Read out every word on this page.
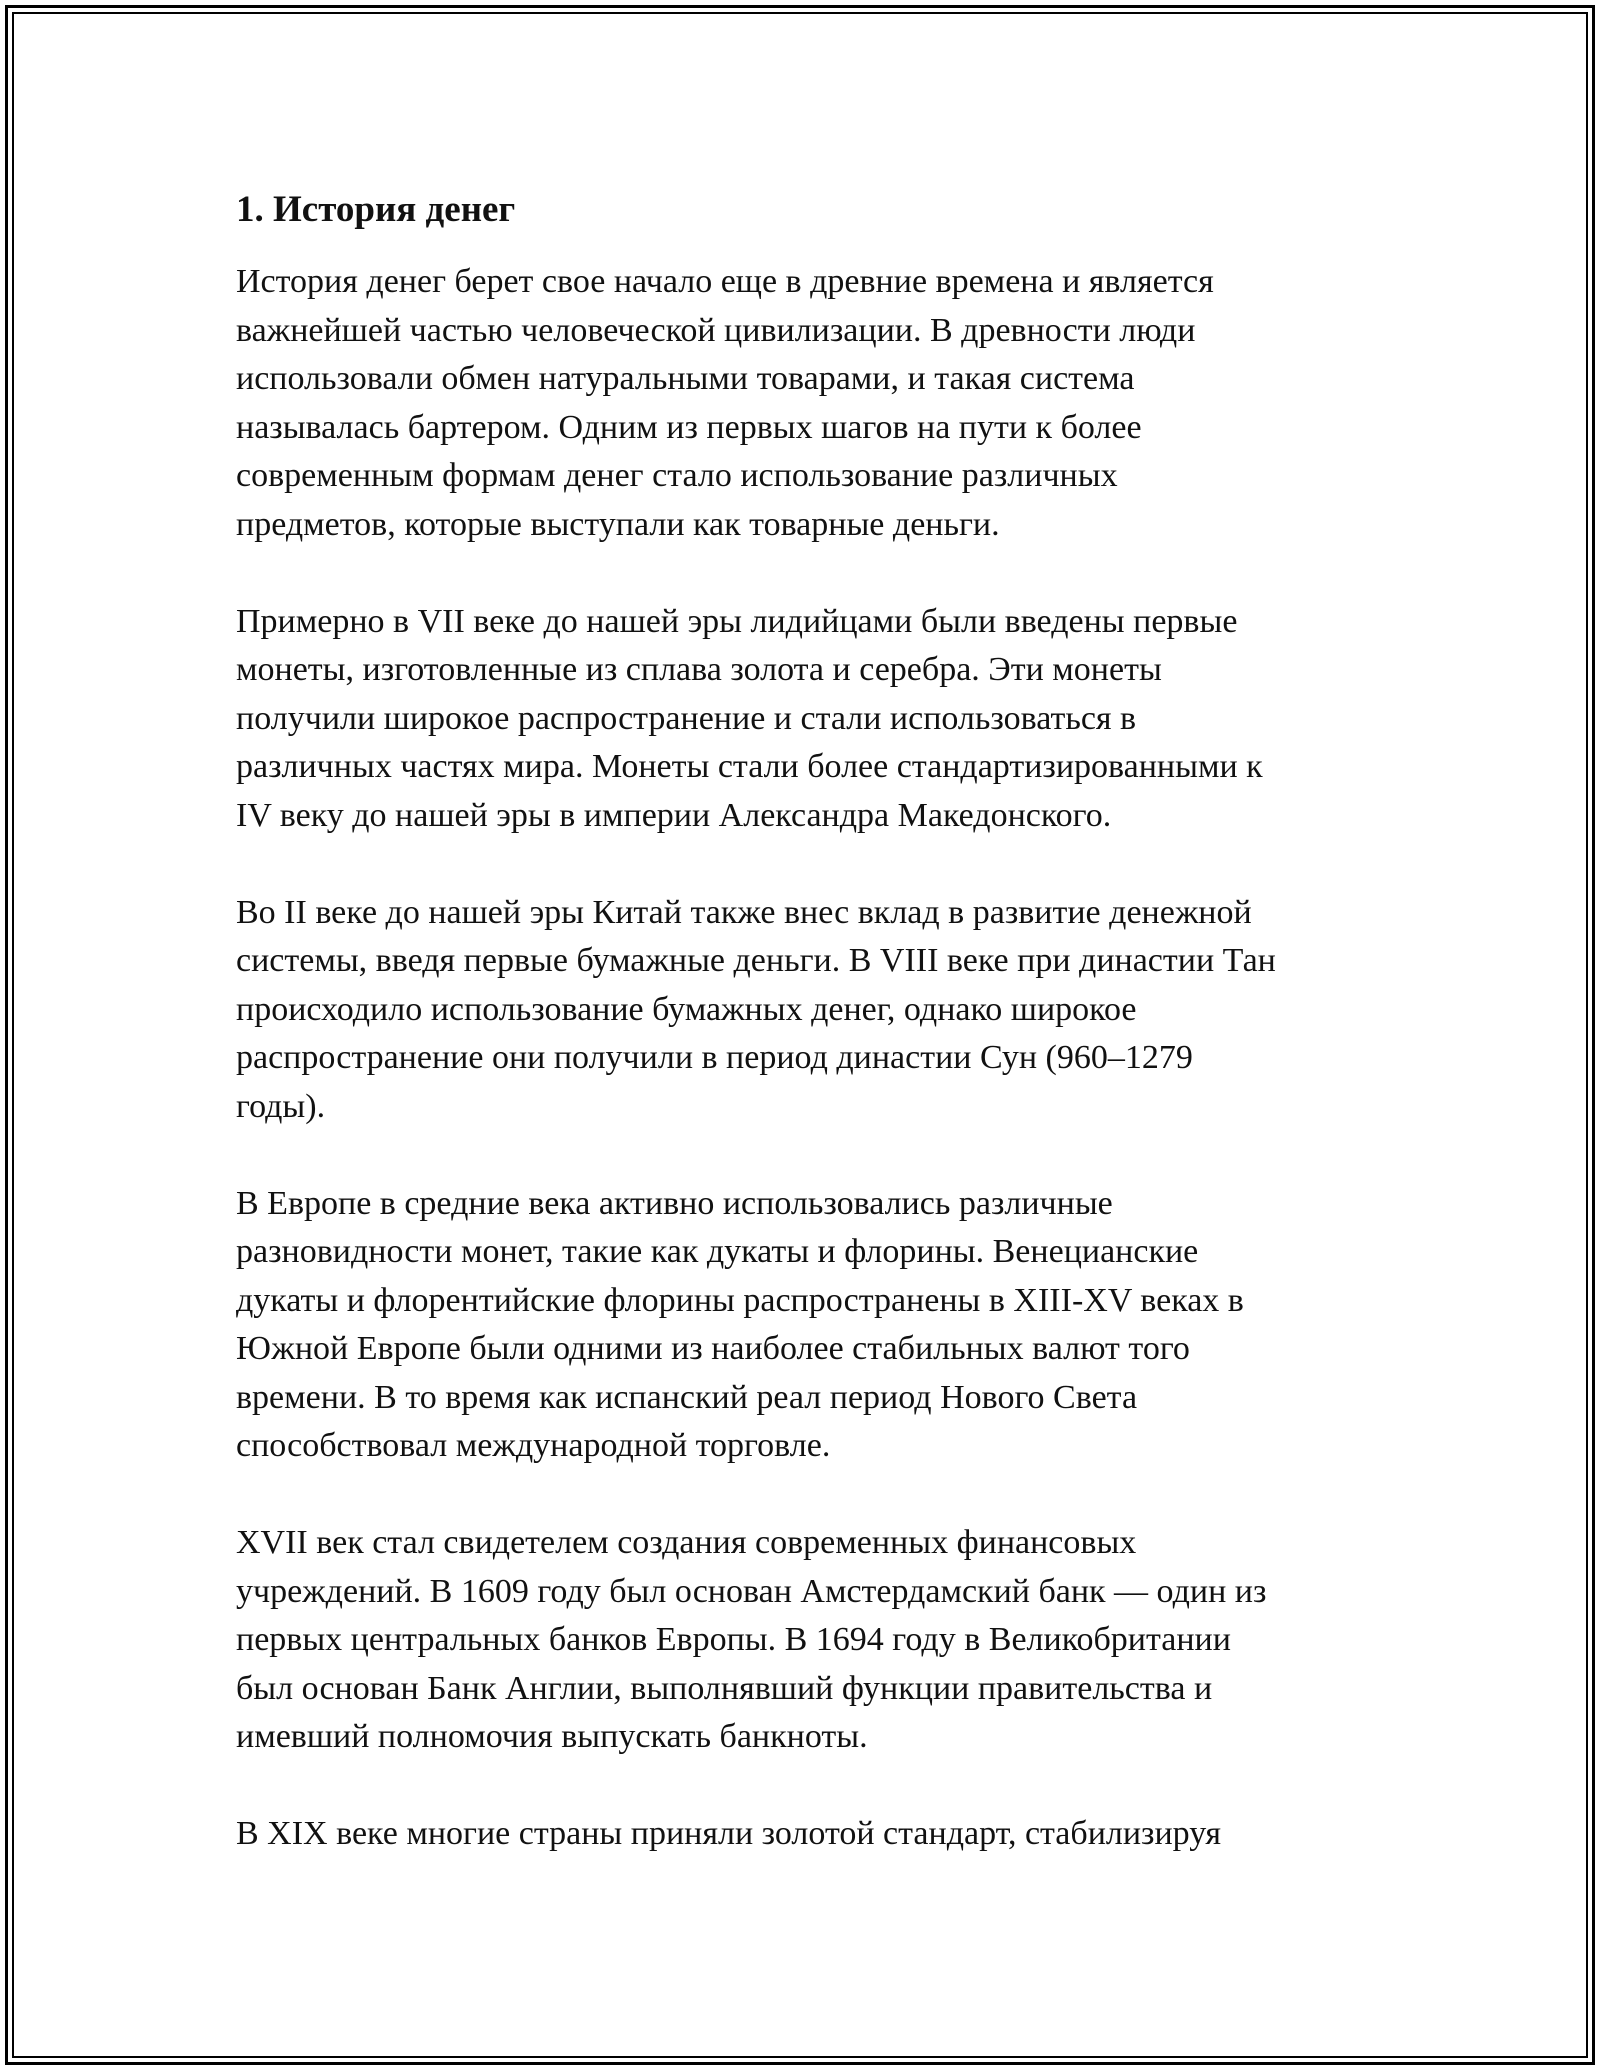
1. История денег
История денег берет свое начало еще в древние времена и является
важнейшей частью человеческой цивилизации. В древности люди
использовали обмен натуральными товарами, и такая система
называлась бартером. Одним из первых шагов на пути к более
современным формам денег стало использование различных
предметов, которые выступали как товарные деньги.
Примерно в VII веке до нашей эры лидийцами были введены первые
монеты, изготовленные из сплава золота и серебра. Эти монеты
получили широкое распространение и стали использоваться в
различных частях мира. Монеты стали более стандартизированными к
IV веку до нашей эры в империи Александра Македонского.
Во II веке до нашей эры Китай также внес вклад в развитие денежной
системы, введя первые бумажные деньги. В VIII веке при династии Тан
происходило использование бумажных денег, однако широкое
распространение они получили в период династии Сун (960–1279
годы).
В Европе в средние века активно использовались различные
разновидности монет, такие как дукаты и флорины. Венецианские
дукаты и флорентийские флорины распространены в XIII-XV веках в
Южной Европе были одними из наиболее стабильных валют того
времени. В то время как испанский реал период Нового Света
способствовал международной торговле.
XVII век стал свидетелем создания современных финансовых
учреждений. В 1609 году был основан Амстердамский банк — один из
первых центральных банков Европы. В 1694 году в Великобритании
был основан Банк Англии, выполнявший функции правительства и
имевший полномочия выпускать банкноты.
В XIX веке многие страны приняли золотой стандарт, стабилизируя
